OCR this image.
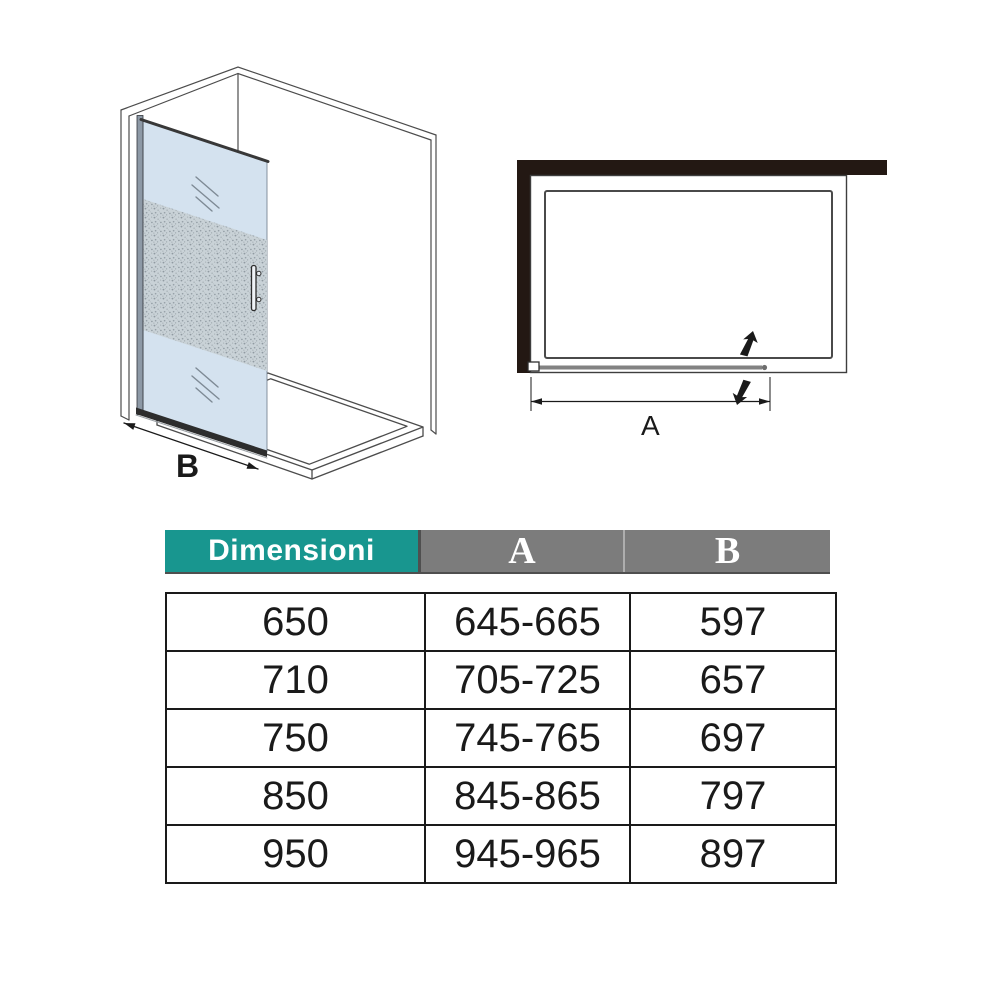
B
A
Dimensioni	A	B
650	645-665	597
710	705-725	657
750	745-765	697
850	845-865	797
950	945-965	897
